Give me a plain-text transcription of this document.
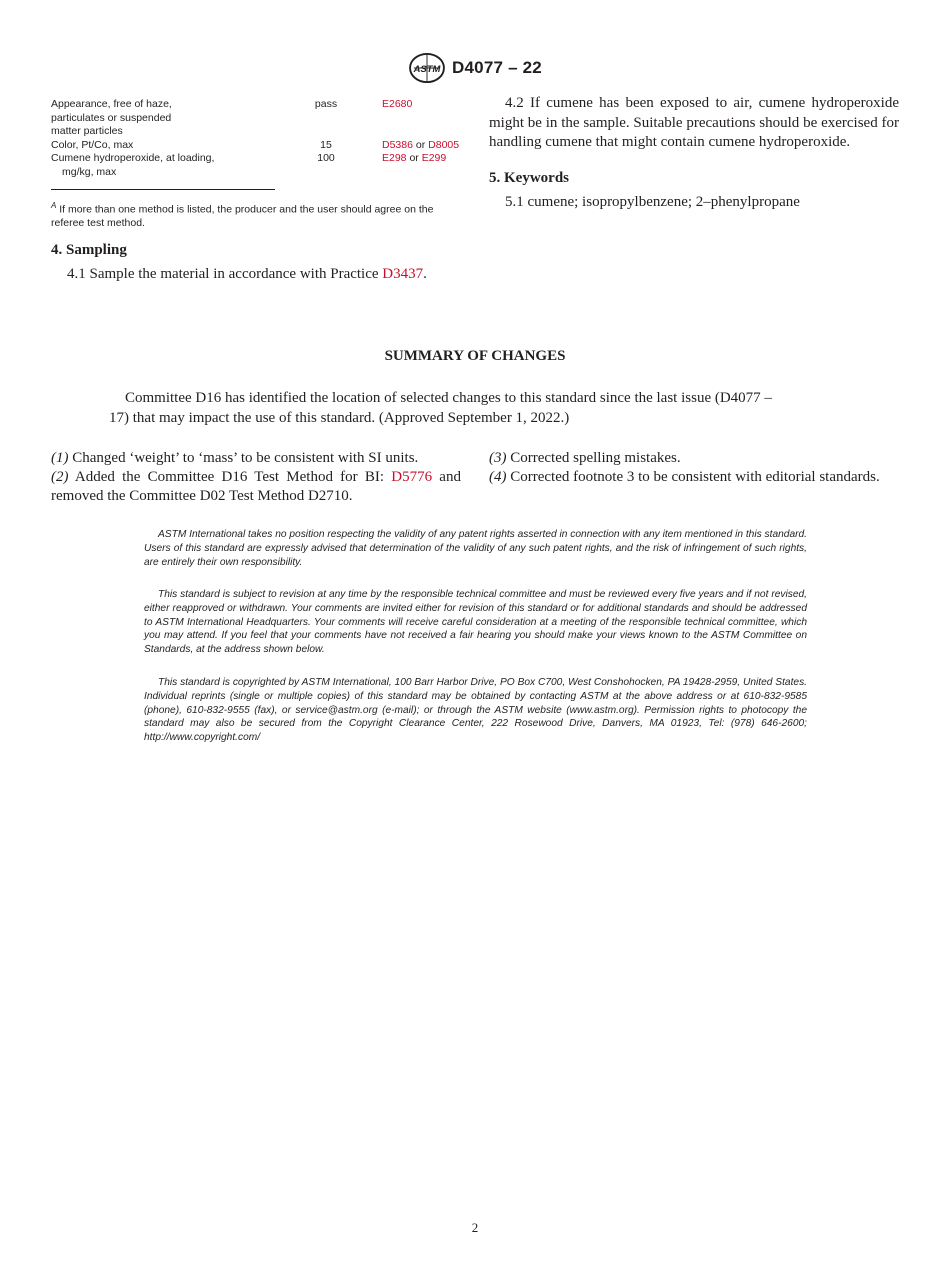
ASTM D4077 – 22
Appearance, free of haze,
particulates or suspended
matter particles	pass	E2680

Color, Pt/Co, max	15	D5386 or D8005

Cumene hydroperoxide, at loading,
mg/kg, max	100	E298 or E299

$^A$ If more than one method is listed, the producer and the user should agree on the referee test method.

4. Sampling

4.1 Sample the material in accordance with Practice D3437.

4.2 If cumene has been exposed to air, cumene hydroperoxide might be in the sample. Suitable precautions should be exercised for handling cumene that might contain cumene hydroperoxide.

5. Keywords

5.1 cumene; isopropylbenzene; 2–phenylpropane

SUMMARY OF CHANGES
Committee D16 has identified the location of selected changes to this standard since the last issue (D4077 –
17) that may impact the use of this standard. (Approved September 1, 2022.)

(1) Changed ‘weight’ to ‘mass’ to be consistent with SI units.

(2) Added the Committee D16 Test Method for BI: D5776 and removed the Committee D02 Test Method D2710.

(3) Corrected spelling mistakes.

(4) Corrected footnote 3 to be consistent with editorial standards.

ASTM International takes no position respecting the validity of any patent rights asserted in connection with any item mentioned in this standard. Users of this standard are expressly advised that determination of the validity of any such patent rights, and the risk of infringement of such rights, are entirely their own responsibility.

This standard is subject to revision at any time by the responsible technical committee and must be reviewed every five years and if not revised, either reapproved or withdrawn. Your comments are invited either for revision of this standard or for additional standards and should be addressed to ASTM International Headquarters. Your comments will receive careful consideration at a meeting of the responsible technical committee, which you may attend. If you feel that your comments have not received a fair hearing you should make your views known to the ASTM Committee on Standards, at the address shown below.

This standard is copyrighted by ASTM International, 100 Barr Harbor Drive, PO Box C700, West Conshohocken, PA 19428-2959, United States. Individual reprints (single or multiple copies) of this standard may be obtained by contacting ASTM at the above address or at 610-832-9585 (phone), 610-832-9555 (fax), or service@astm.org (e-mail); or through the ASTM website (www.astm.org). Permission rights to photocopy the standard may also be secured from the Copyright Clearance Center, 222 Rosewood Drive, Danvers, MA 01923, Tel: (978) 646-2600; http://www.copyright.com/

2
